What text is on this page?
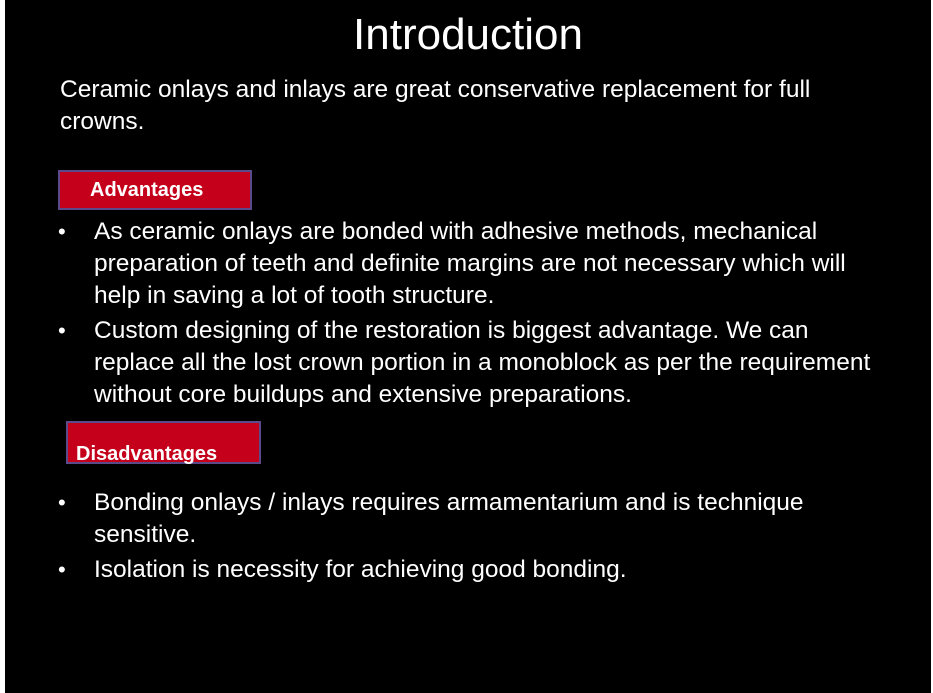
Introduction
Ceramic onlays and inlays are great conservative replacement for full crowns.
Advantages
• As ceramic onlays are bonded with adhesive methods, mechanical preparation of teeth and definite margins are not necessary which will help in saving a lot of tooth structure.
• Custom designing of the restoration is biggest advantage. We can replace all the lost crown portion in a monoblock as per the requirement without core buildups and extensive preparations.
Disadvantages
• Bonding onlays / inlays requires armamentarium and is technique sensitive.
• Isolation is necessity for achieving good bonding.
